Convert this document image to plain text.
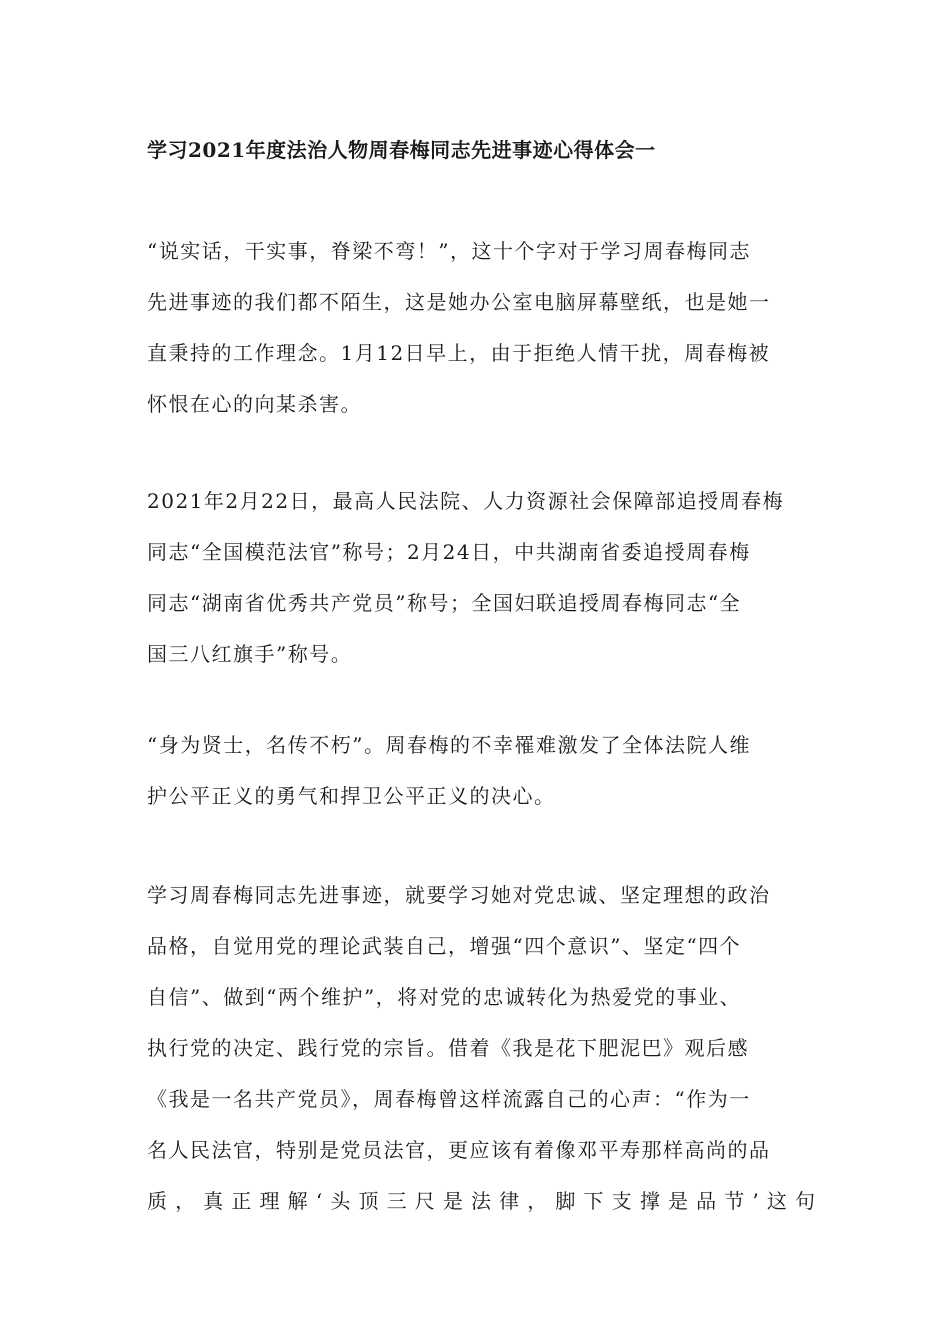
学习2021年度法治人物周春梅同志先进事迹心得体会一
“说实话，干实事，脊梁不弯！”，这十个字对于学习周春梅同志
先进事迹的我们都不陌生，这是她办公室电脑屏幕壁纸，也是她一
直秉持的工作理念。1月12日早上，由于拒绝人情干扰，周春梅被
怀恨在心的向某杀害。
2021年2月22日，最高人民法院、人力资源社会保障部追授周春梅
同志“全国模范法官”称号；2月24日，中共湖南省委追授周春梅
同志“湖南省优秀共产党员”称号；全国妇联追授周春梅同志“全
国三八红旗手”称号。
“身为贤士，名传不朽”。周春梅的不幸罹难激发了全体法院人维
护公平正义的勇气和捍卫公平正义的决心。
学习周春梅同志先进事迹，就要学习她对党忠诚、坚定理想的政治
品格，自觉用党的理论武装自己，增强“四个意识”、坚定“四个
自信”、做到“两个维护”，将对党的忠诚转化为热爱党的事业、
执行党的决定、践行党的宗旨。借着《我是花下肥泥巴》观后感
《我是一名共产党员》，周春梅曾这样流露自己的心声：“作为一
名人民法官，特别是党员法官，更应该有着像邓平寿那样高尚的品
质，真正理解‘头顶三尺是法律，脚下支撑是品节’这句
